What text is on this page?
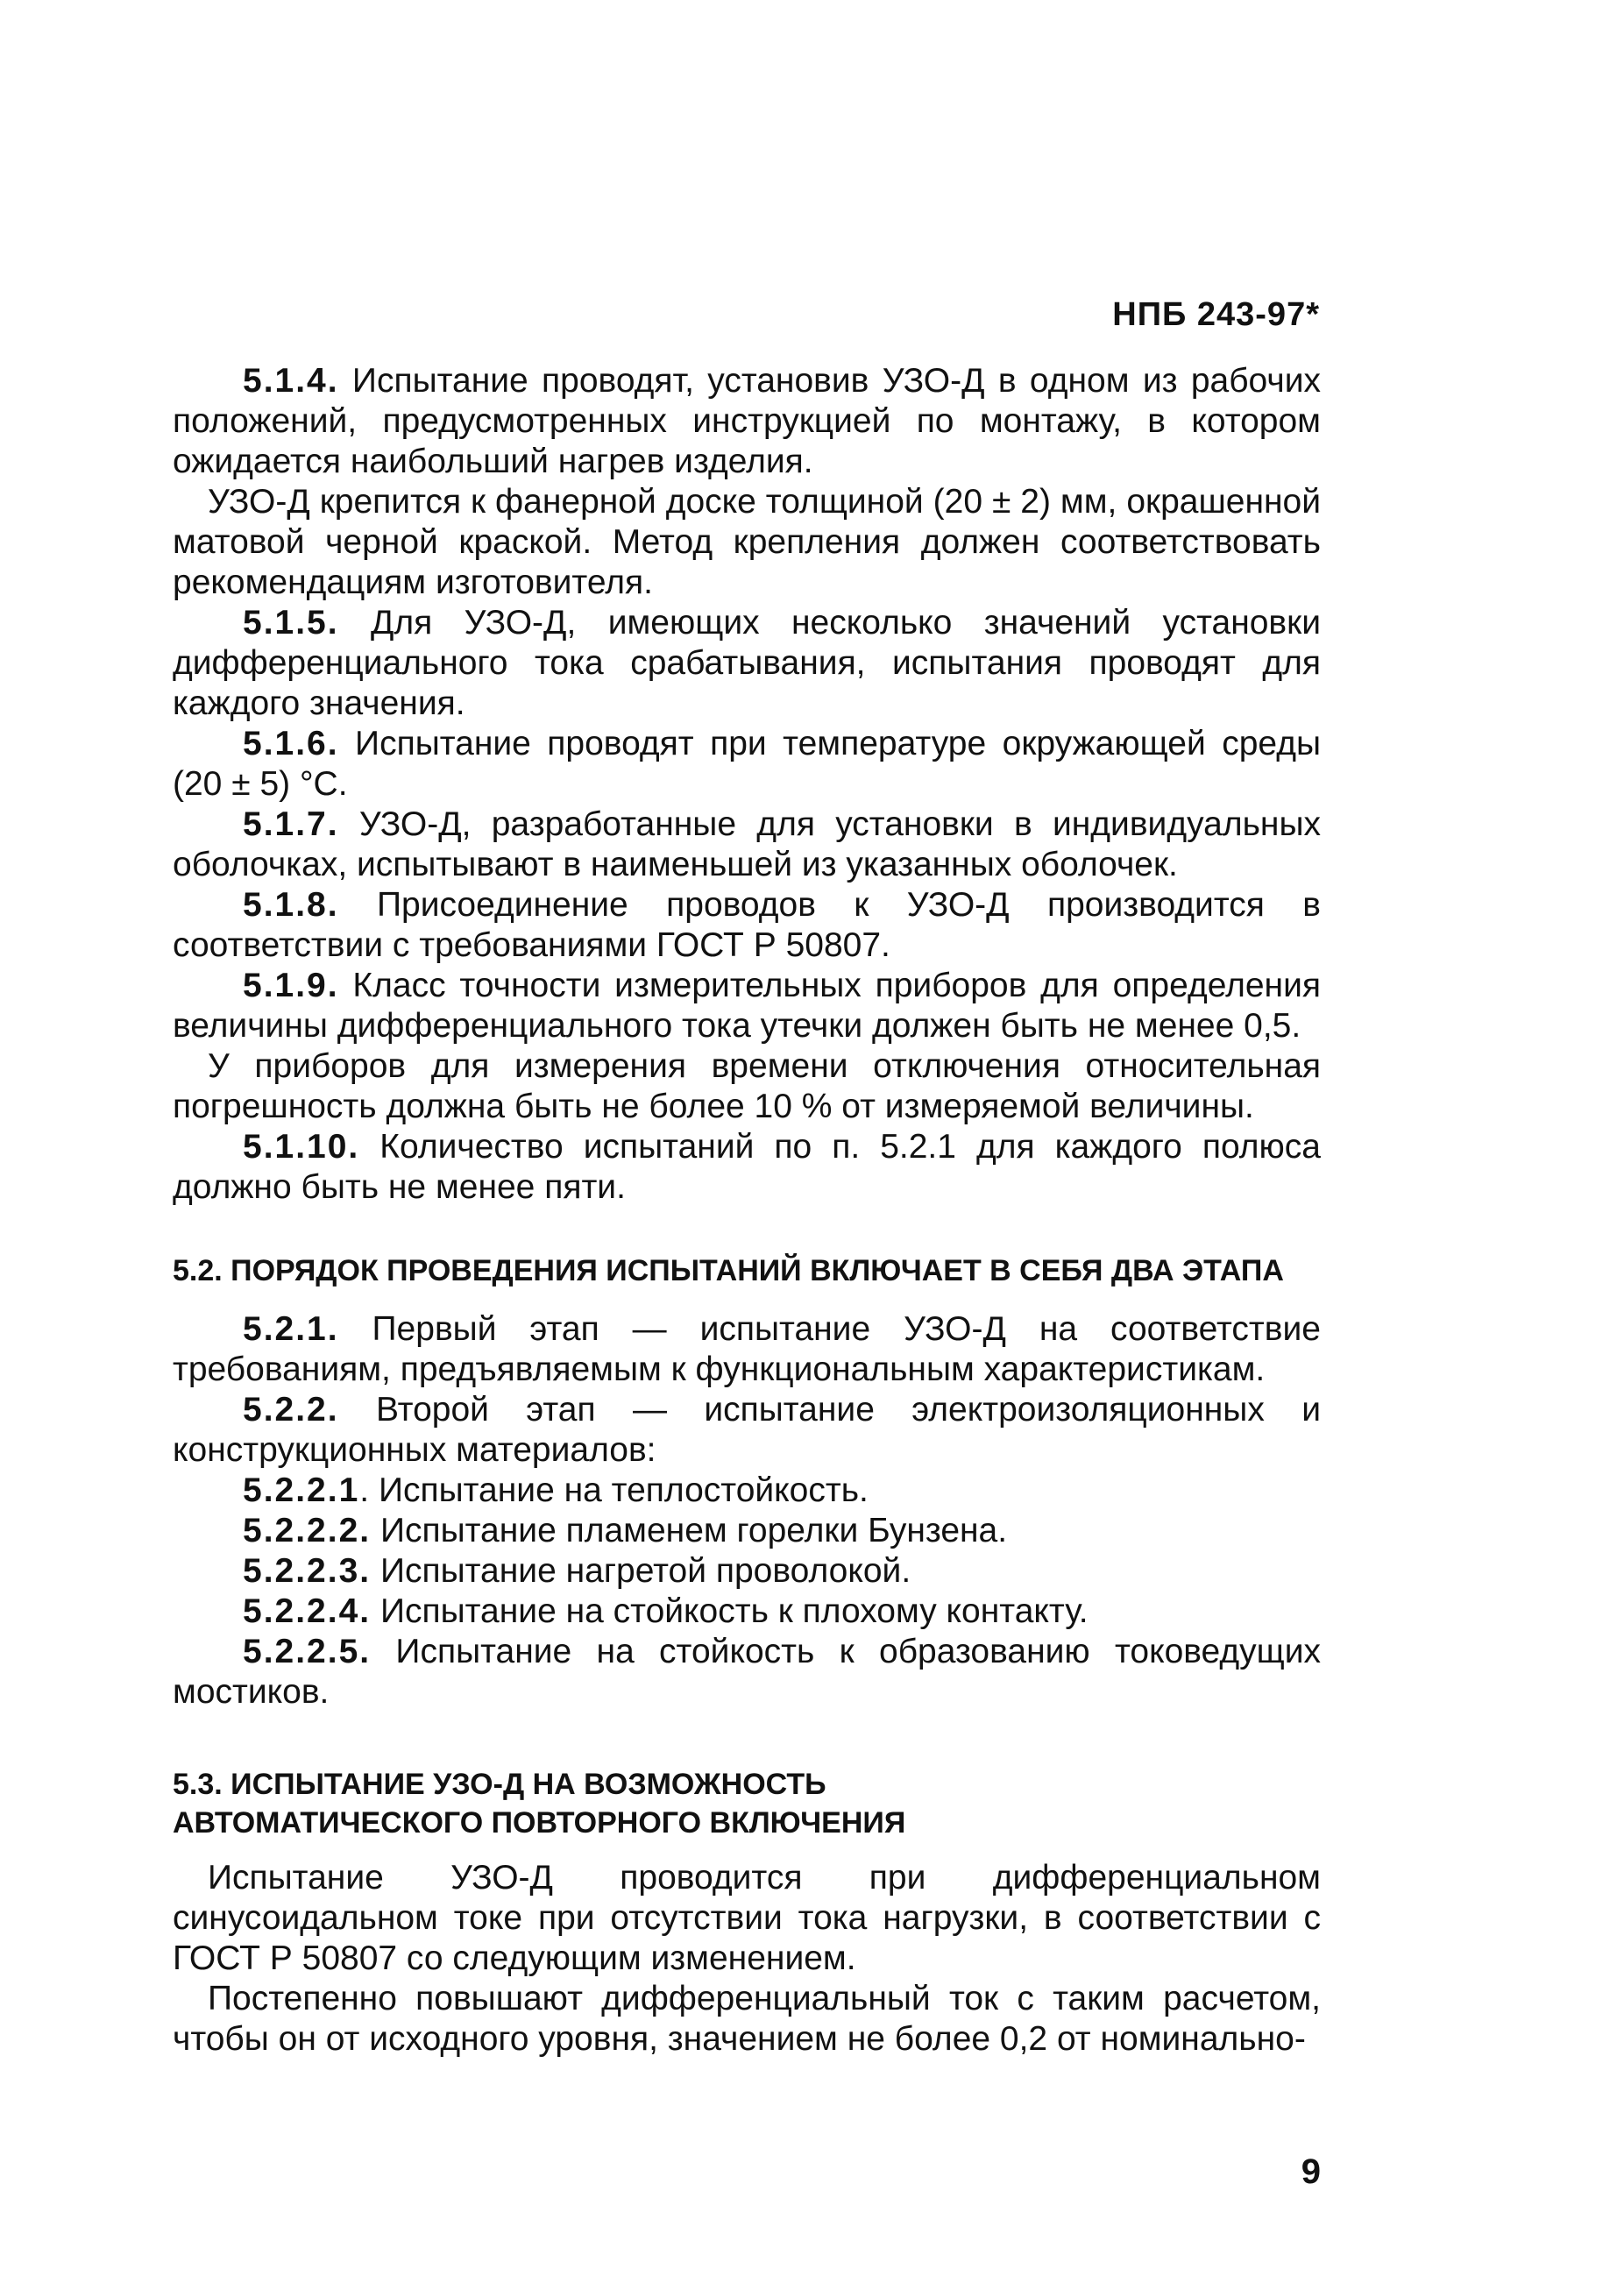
НПБ 243-97*

5.1.4. Испытание проводят, установив УЗО-Д в одном из рабочих положений, предусмотренных инструкцией по монтажу, в котором ожидается наибольший нагрев изделия.

УЗО-Д крепится к фанерной доске толщиной (20 ± 2) мм, окрашенной матовой черной краской. Метод крепления должен соответствовать рекомендациям изготовителя.

5.1.5. Для УЗО-Д, имеющих несколько значений установки дифференциального тока срабатывания, испытания проводят для каждого значения.

5.1.6. Испытание проводят при температуре окружающей среды (20 ± 5) °С.

5.1.7. УЗО-Д, разработанные для установки в индивидуальных оболочках, испытывают в наименьшей из указанных оболочек.

5.1.8. Присоединение проводов к УЗО-Д производится в соответствии с требованиями ГОСТ Р 50807.

5.1.9. Класс точности измерительных приборов для определения величины дифференциального тока утечки должен быть не менее 0,5.

У приборов для измерения времени отключения относительная погрешность должна быть не более 10 % от измеряемой величины.

5.1.10. Количество испытаний по п. 5.2.1 для каждого полюса должно быть не менее пяти.

5.2. ПОРЯДОК ПРОВЕДЕНИЯ ИСПЫТАНИЙ ВКЛЮЧАЕТ В СЕБЯ ДВА ЭТАПА

5.2.1. Первый этап — испытание УЗО-Д на соответствие требованиям, предъявляемым к функциональным характеристикам.

5.2.2. Второй этап — испытание электроизоляционных и конструкционных материалов:

5.2.2.1. Испытание на теплостойкость.

5.2.2.2. Испытание пламенем горелки Бунзена.

5.2.2.3. Испытание нагретой проволокой.

5.2.2.4. Испытание на стойкость к плохому контакту.

5.2.2.5. Испытание на стойкость к образованию токоведущих мостиков.

5.3. ИСПЫТАНИЕ УЗО-Д НА ВОЗМОЖНОСТЬ

АВТОМАТИЧЕСКОГО ПОВТОРНОГО ВКЛЮЧЕНИЯ

Испытание УЗО-Д проводится при дифференциальном синусоидальном токе при отсутствии тока нагрузки, в соответствии с ГОСТ Р 50807 со следующим изменением.

Постепенно повышают дифференциальный ток с таким расчетом, чтобы он от исходного уровня, значением не более 0,2 от номинально-

9
